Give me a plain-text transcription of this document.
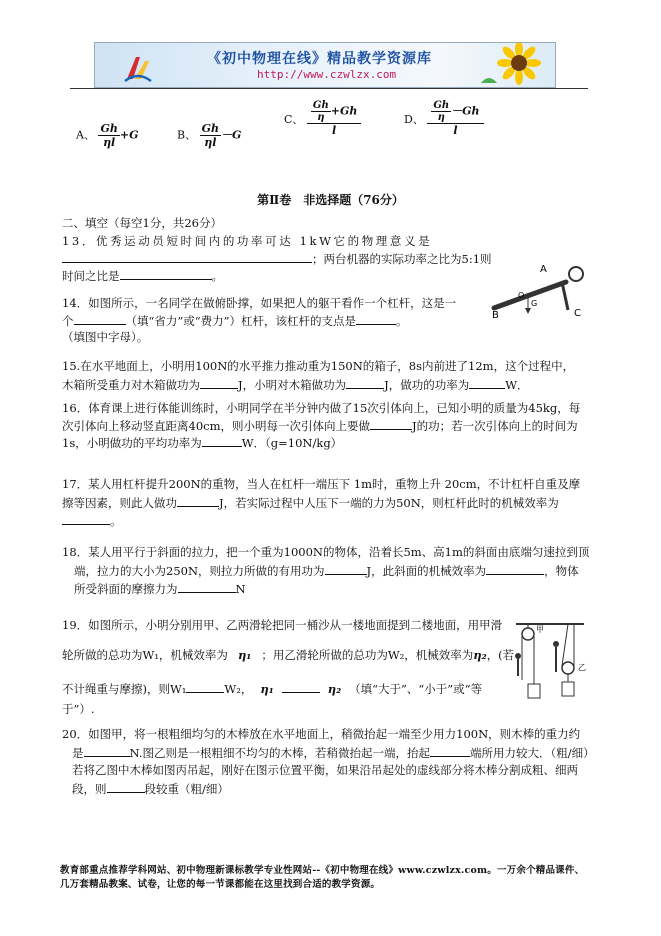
《初中物理在线》精品教学资源库
http://www.czwlzx.com
A、 $\frac{Gh}{\eta l} +G$	B、 $\frac{Gh}{\eta l} -G$
C、 $\frac{\frac{Gh}{\eta} +Gh}{l}$	D、 $\frac{\frac{Gh}{\eta} -Gh}{l}$
第Ⅱ卷　非选择题（76分）
二、填空（每空1分，共26分）
13．优秀运动员短时间内的功率可达 1kW它的物理意义是
；两台机器的实际功率之比为5:1则
时间之比是	。
14．如图所示，一名同学在做俯卧撑，如果把人的躯干看作一个杠杆，这是一
个	（填“省力”或“费力”）杠杆，该杠杆的支点是	。
（填图中字母）。
B	C
A
O
G
15.在水平地面上，小明用100N的水平推力推动重为150N的箱子，8s内前进了12m，这个过程中，
木箱所受重力对木箱做功为	J，小明对木箱做功为	J，做功的功率为	W．
16．体育课上进行体能训练时，小明同学在半分钟内做了15次引体向上，已知小明的质量为45kg，每
次引体向上移动竖直距离40cm，则小明每一次引体向上要做	J的功；若一次引体向上的时间为
1s，小明做功的平均功率为	W．（g=10N/kg）
17．某人用杠杆提升200N的重物，当人在杠杆一端压下 1m时，重物上升 20cm，不计杠杆自重及摩
擦等因素，则此人做功	J，若实际过程中人压下一端的力为50N，则杠杆此时的机械效率为
。
18．某人用平行于斜面的拉力，把一个重为1000N的物体，沿着长5m、高1m的斜面由底端匀速拉到顶
端，拉力的大小为250N，则拉力所做的有用功为	J，此斜面的机械效率为	，物体
所受斜面的摩擦力为	N
19．如图所示，小明分别用甲、乙两滑轮把同一桶沙从一楼地面提到二楼地面，用甲滑
轮所做的总功为W₁，机械效率为 η₁ ；用乙滑轮所做的总功为W₂，机械效率为η₂，(若
不计绳重与摩擦)，则W₁	W₂， η₁	η₂ （填“大于”、“小于”或“等
于”）.
甲
乙
20．如图甲，将一根粗细均匀的木棒放在水平地面上，稍微抬起一端至少用力100N，则木棒的重力约
是	N.图乙则是一根粗细不均匀的木棒，若稍微抬起一端，抬起	端所用力较大．（粗/细）
若将乙图中木棒如图丙吊起，刚好在图示位置平衡，如果沿吊起处的虚线部分将木棒分割成粗、细两
段，则	段较重（粗/细）
教育部重点推荐学科网站、初中物理新课标教学专业性网站--《初中物理在线》www.czwlzx.com。一万余个精品课件、
几万套精品教案、试卷，让您的每一节课都能在这里找到合适的教学资源。
